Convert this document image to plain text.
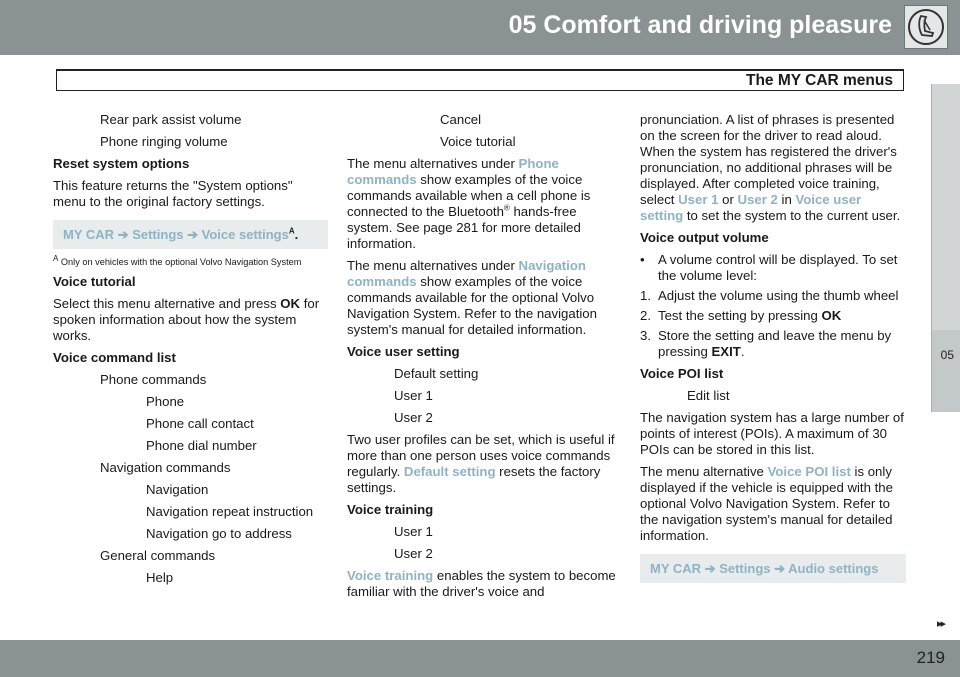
05 Comfort and driving pleasure
The MY CAR menus
05
▸▸
219

Rear park assist volume

Phone ringing volume

Reset system options

This feature returns the "System options" menu to the original factory settings.

MY CAR ➔ Settings ➔ Voice settings$^A$.

$^A$ Only on vehicles with the optional Volvo Navigation System

Voice tutorial

Select this menu alternative and press OK for spoken information about how the system works.

Voice command list

Phone commands

Phone

Phone call contact

Phone dial number

Navigation commands

Navigation

Navigation repeat instruction

Navigation go to address

General commands

Help

Cancel

Voice tutorial

The menu alternatives under Phone commands show examples of the voice commands available when a cell phone is connected to the Bluetooth® hands-free system. See page 281 for more detailed information.

The menu alternatives under Navigation commands show examples of the voice commands available for the optional Volvo Navigation System. Refer to the navigation system's manual for detailed information.

Voice user setting

Default setting

User 1

User 2

Two user profiles can be set, which is useful if more than one person uses voice commands regularly. Default setting resets the factory settings.

Voice training

User 1

User 2

Voice training enables the system to become familiar with the driver's voice and

pronunciation. A list of phrases is presented on the screen for the driver to read aloud. When the system has registered the driver's pronunciation, no additional phrases will be displayed. After completed voice training, select User 1 or User 2 in Voice user setting to set the system to the current user.

Voice output volume

• A volume control will be displayed. To set the volume level:
1. Adjust the volume using the thumb wheel
2. Test the setting by pressing OK
3. Store the setting and leave the menu by pressing EXIT.

Voice POI list

Edit list

The navigation system has a large number of points of interest (POIs). A maximum of 30 POIs can be stored in this list.

The menu alternative Voice POI list is only displayed if the vehicle is equipped with the optional Volvo Navigation System. Refer to the navigation system's manual for detailed information.

MY CAR ➔ Settings ➔ Audio settings
